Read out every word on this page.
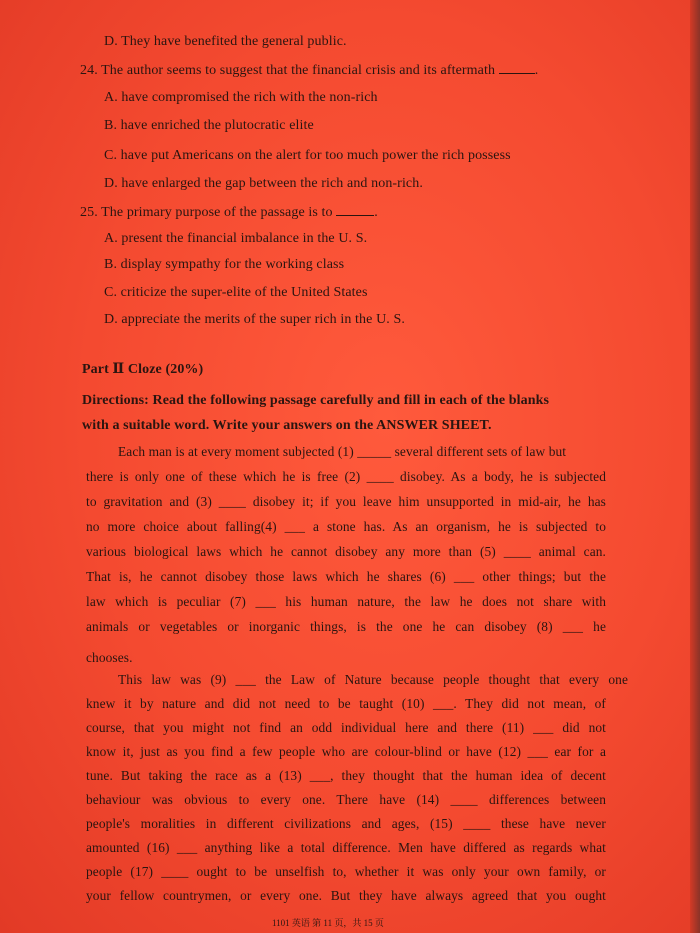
D. They have benefited the general public.
24. The author seems to suggest that the financial crisis and its aftermath	.
A. have compromised the rich with the non-rich
B. have enriched the plutocratic elite
C. have put Americans on the alert for too much power the rich possess
D. have enlarged the gap between the rich and non-rich.
25. The primary purpose of the passage is to	.
A. present the financial imbalance in the U. S.
B. display sympathy for the working class
C. criticize the super-elite of the United States
D. appreciate the merits of the super rich in the U. S.
Part Ⅱ Cloze (20%)
Directions: Read the following passage carefully and fill in each of the blanks
with a suitable word. Write your answers on the ANSWER SHEET.
Each man is at every moment subjected (1) _____ several different sets of law but
there is only one of these which he is free (2) ____ disobey. As a body, he is subjected
to gravitation and (3) ____ disobey it; if you leave him unsupported in mid-air, he has
no more choice about falling(4) ___ a stone has. As an organism, he is subjected to
various biological laws which he cannot disobey any more than (5) ____ animal can.
That is, he cannot disobey those laws which he shares (6) ___ other things; but the
law which is peculiar (7) ___ his human nature, the law he does not share with
animals or vegetables or inorganic things, is the one he can disobey (8) ___ he
chooses.
This law was (9) ___ the Law of Nature because people thought that every one
knew it by nature and did not need to be taught (10) ___. They did not mean, of
course, that you might not find an odd individual here and there (11) ___ did not
know it, just as you find a few people who are colour-blind or have (12) ___ ear for a
tune. But taking the race as a (13) ___, they thought that the human idea of decent
behaviour was obvious to every one. There have (14) ____ differences between
people's moralities in different civilizations and ages, (15) ____ these have never
amounted (16) ___ anything like a total difference. Men have differed as regards what
people (17) ____ ought to be unselfish to, whether it was only your own family, or
your fellow countrymen, or every one. But they have always agreed that you ought
1101 英语 第 11 页，共 15 页
